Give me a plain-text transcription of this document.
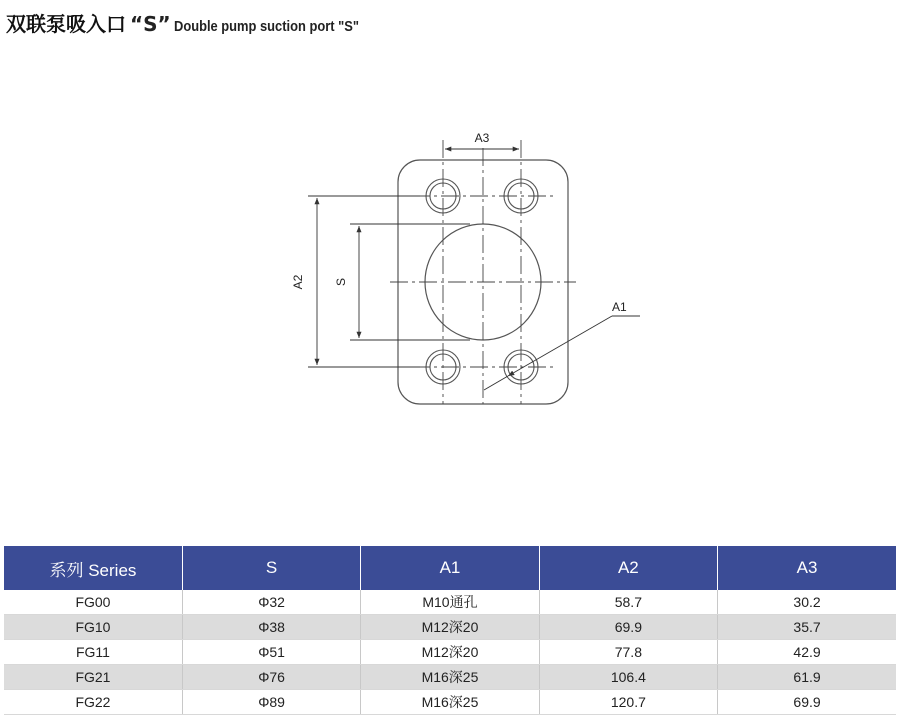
双联泵吸入口 “S” Double pump suction port "S"
A3
A2 S
A1
系列 Series	S	A1	A2	A3
FG00	Φ32	M10通孔	58.7	30.2
FG10	Φ38	M12深20	69.9	35.7
FG11	Φ51	M12深20	77.8	42.9
FG21	Φ76	M16深25	106.4	61.9
FG22	Φ89	M16深25	120.7	69.9
